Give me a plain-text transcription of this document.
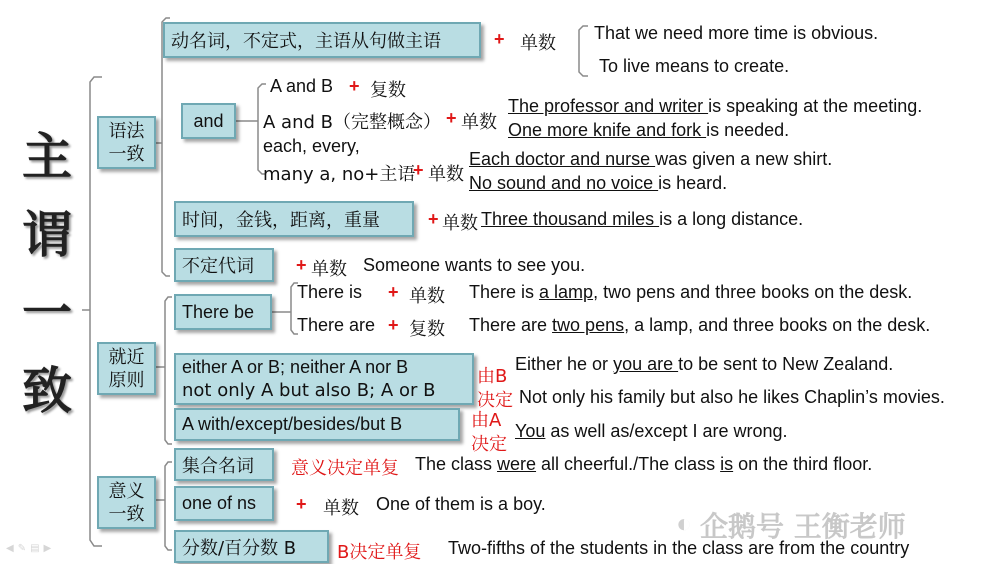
主
谓
一
致
语法
一致
就近
原则
意义
一致
动名词，不定式，主语从句做主语	+ 单数 That we need more time is obvious.
To live means to create.
and
A and B + 复数
A and B（完整概念） + 单数
The professor and writer is speaking at the meeting.
One more knife and fork is needed.
each, every,
many a, no+主语
+ 单数
Each doctor and nurse was given a new shirt.
No sound and no voice is heard.
时间，金钱，距离，重量	+ 单数 Three thousand miles is a long distance.
不定代词	+ 单数 Someone wants to see you.
There be
There is + 单数 There is a lamp, two pens and three books on the desk.
There are + 复数 There are two pens, a lamp, and three books on the desk.
either A or B; neither A nor B
not only A but also B; A or B
由B
决定
Either he or you are to be sent to New Zealand.
Not only his family but also he likes Chaplin’s movies.
A with/except/besides/but B	由A
决定
You as well as/except I are wrong.
集合名词	意义决定单复 The class were all cheerful./The class is on the third floor.
one of ns	+ 单数 One of them is a boy.
分数/百分数 B	B决定单复 Two-fifths of the students in the class are from the country
企鹅号 王衡老师
◐
◀✎▤▶
